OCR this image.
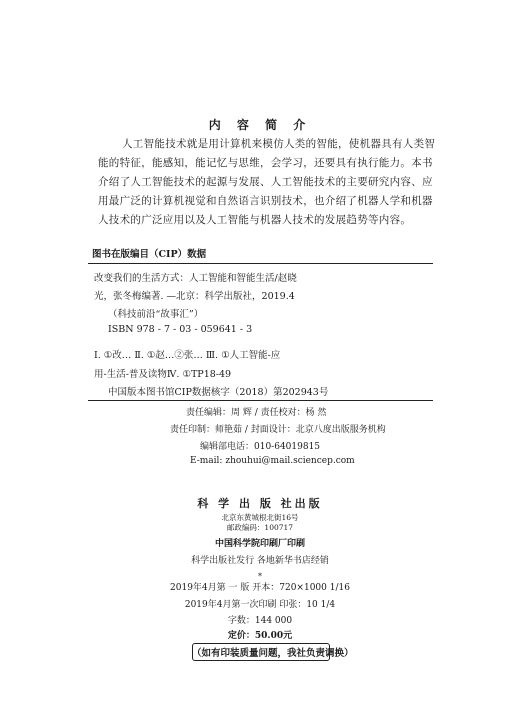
内 容 简 介
人工智能技术就是用计算机来模仿人类的智能，使机器具有人类智
能的特征，能感知，能记忆与思维，会学习，还要具有执行能力。本书
介绍了人工智能技术的起源与发展、人工智能技术的主要研究内容、应
用最广泛的计算机视觉和自然语言识别技术，也介绍了机器人学和机器
人技术的广泛应用以及人工智能与机器人技术的发展趋势等内容。
图书在版编目（CIP）数据
改变我们的生活方式：人工智能和智能生活/赵晓
光，张冬梅编著. —北京：科学出版社，2019.4
（科技前沿“故事汇”）
ISBN 978 - 7 - 03 - 059641 - 3
Ⅰ. ①改… Ⅱ. ①赵…②张… Ⅲ. ①人工智能-应
用-生活-普及读物Ⅳ. ①TP18-49
中国版本图书馆CIP数据核字（2018）第202943号
责任编辑：周 辉 / 责任校对：杨 然
责任印制：师艳茹 / 封面设计：北京八度出版服务机构
编辑部电话：010-64019815
E-mail: zhouhui@mail.sciencep.com
科 学 出 版 社出版
北京东黄城根北街16号
邮政编码：100717
中国科学院印刷厂印刷
科学出版社发行 各地新华书店经销
*
2019年4月第 一 版 开本：720×1000 1/16
2019年4月第一次印刷 印张：10 1/4
字数：144 000
定价：50.00元
（如有印装质量问题，我社负责调换）
